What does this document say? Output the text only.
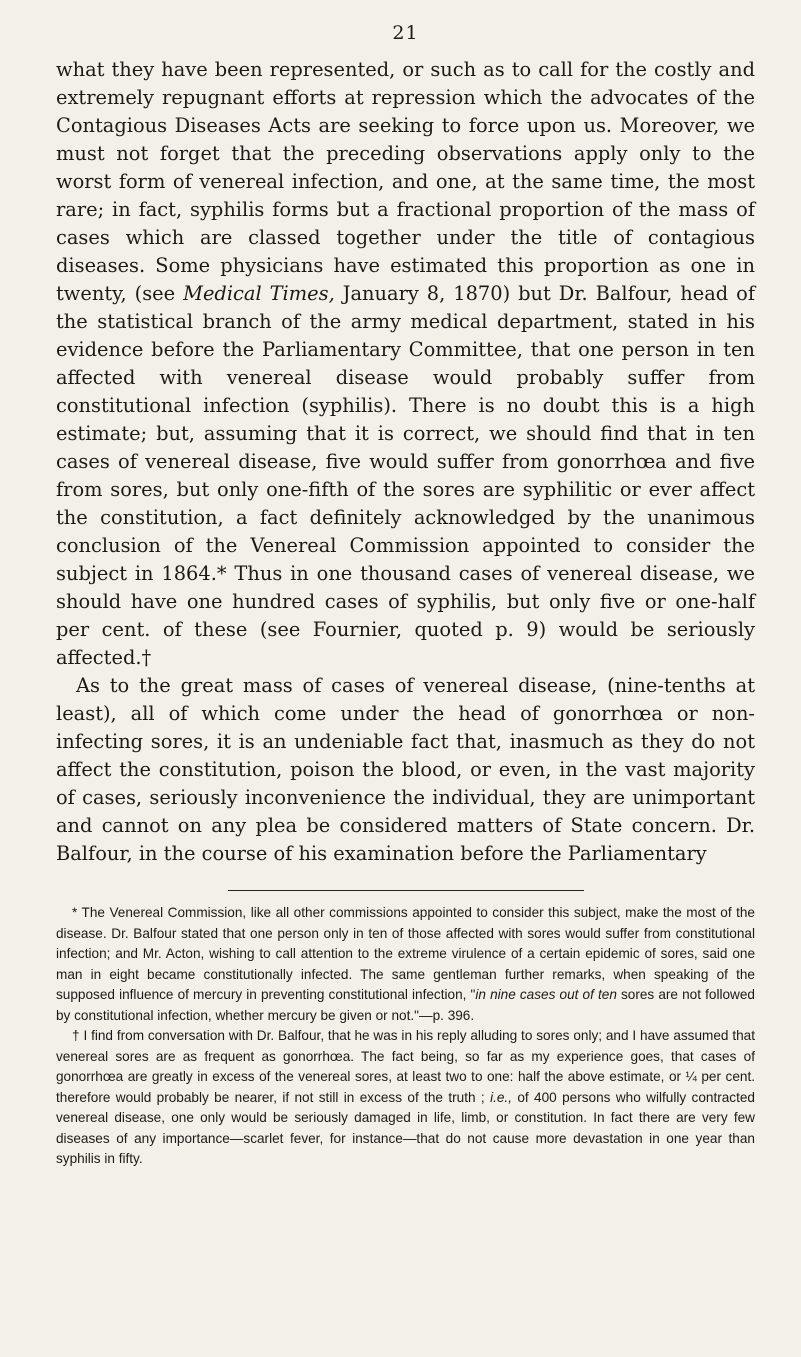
21

what they have been represented, or such as to call for the costly and extremely repugnant efforts at repression which the advocates of the Contagious Diseases Acts are seeking to force upon us. Moreover, we must not forget that the preceding observations apply only to the worst form of venereal infection, and one, at the same time, the most rare; in fact, syphilis forms but a fractional proportion of the mass of cases which are classed together under the title of contagious diseases. Some physicians have estimated this proportion as one in twenty, (see Medical Times, January 8, 1870) but Dr. Balfour, head of the statistical branch of the army medical department, stated in his evidence before the Parliamentary Committee, that one person in ten affected with venereal disease would probably suffer from constitutional infection (syphilis). There is no doubt this is a high estimate; but, assuming that it is correct, we should find that in ten cases of venereal disease, five would suffer from gonorrhœa and five from sores, but only one-fifth of the sores are syphilitic or ever affect the constitution, a fact definitely acknowledged by the unanimous conclusion of the Venereal Commission appointed to consider the subject in 1864.* Thus in one thousand cases of venereal disease, we should have one hundred cases of syphilis, but only five or one-half per cent. of these (see Fournier, quoted p. 9) would be seriously affected.†

As to the great mass of cases of venereal disease, (nine-tenths at least), all of which come under the head of gonorrhœa or non-infecting sores, it is an undeniable fact that, inasmuch as they do not affect the constitution, poison the blood, or even, in the vast majority of cases, seriously inconvenience the individual, they are unimportant and cannot on any plea be considered matters of State concern. Dr. Balfour, in the course of his examination before the Parliamentary

* The Venereal Commission, like all other commissions appointed to consider this subject, make the most of the disease. Dr. Balfour stated that one person only in ten of those affected with sores would suffer from constitutional infection; and Mr. Acton, wishing to call attention to the extreme virulence of a certain epidemic of sores, said one man in eight became constitutionally infected. The same gentleman further remarks, when speaking of the supposed influence of mercury in preventing constitutional infection, "in nine cases out of ten sores are not followed by constitutional infection, whether mercury be given or not."—p. 396.

† I find from conversation with Dr. Balfour, that he was in his reply alluding to sores only; and I have assumed that venereal sores are as frequent as gonorrhœa. The fact being, so far as my experience goes, that cases of gonorrhœa are greatly in excess of the venereal sores, at least two to one: half the above estimate, or ¼ per cent. therefore would probably be nearer, if not still in excess of the truth ; i.e., of 400 persons who wilfully contracted venereal disease, one only would be seriously damaged in life, limb, or constitution. In fact there are very few diseases of any importance—scarlet fever, for instance—that do not cause more devastation in one year than syphilis in fifty.
